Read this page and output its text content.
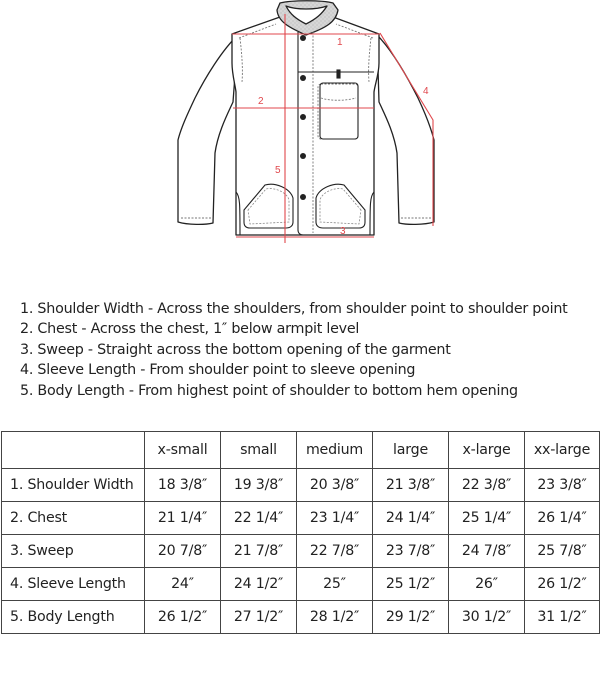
1
2
3
4
5
1. Shoulder Width - Across the shoulders, from shoulder point to shoulder point
2. Chest - Across the chest, 1″ below armpit level
3. Sweep - Straight across the bottom opening of the garment
4. Sleeve Length - From shoulder point to sleeve opening
5. Body Length - From highest point of shoulder to bottom hem opening
	x-small	small	medium	large	x-large	xx-large
1. Shoulder Width	18 3/8″	19 3/8″	20 3/8″	21 3/8″	22 3/8″	23 3/8″
2. Chest	21 1/4″	22 1/4″	23 1/4″	24 1/4″	25 1/4″	26 1/4″
3. Sweep	20 7/8″	21 7/8″	22 7/8″	23 7/8″	24 7/8″	25 7/8″
4. Sleeve Length	24″	24 1/2″	25″	25 1/2″	26″	26 1/2″
5. Body Length	26 1/2″	27 1/2″	28 1/2″	29 1/2″	30 1/2″	31 1/2″
